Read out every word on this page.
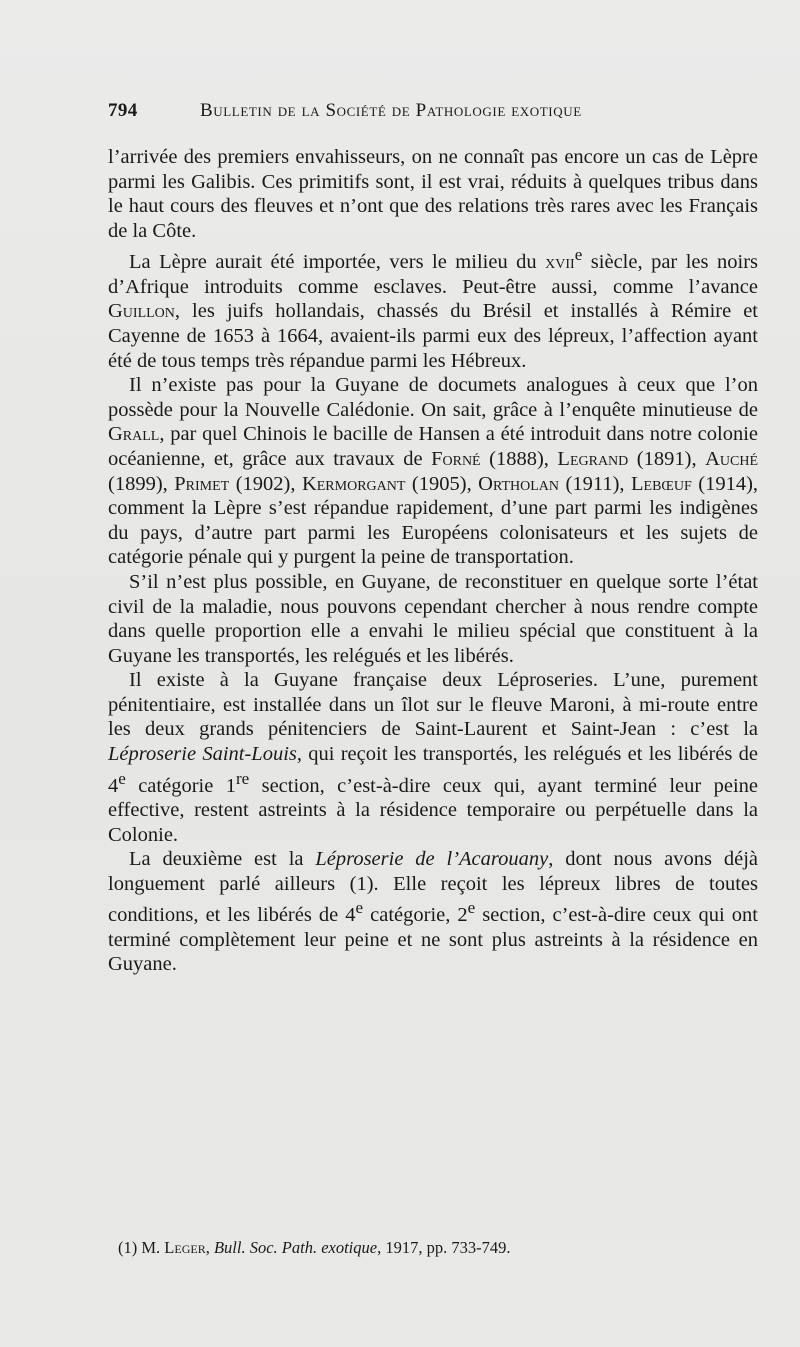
794	Bulletin de la Société de Pathologie exotique

l’arrivée des premiers envahisseurs, on ne connaît pas encore un cas de Lèpre parmi les Galibis. Ces primitifs sont, il est vrai, réduits à quelques tribus dans le haut cours des fleuves et n’ont que des relations très rares avec les Français de la Côte.

La Lèpre aurait été importée, vers le milieu du xvii$^e$ siècle, par les noirs d’Afrique introduits comme esclaves. Peut-être aussi, comme l’avance Guillon, les juifs hollandais, chassés du Brésil et installés à Rémire et Cayenne de 1653 à 1664, avaient-ils parmi eux des lépreux, l’affection ayant été de tous temps très répandue parmi les Hébreux.

Il n’existe pas pour la Guyane de documets analogues à ceux que l’on possède pour la Nouvelle Calédonie. On sait, grâce à l’enquête minutieuse de Grall, par quel Chinois le bacille de Hansen a été introduit dans notre colonie océanienne, et, grâce aux travaux de Forné (1888), Legrand (1891), Auché (1899), Primet (1902), Kermorgant (1905), Ortholan (1911), Lebœuf (1914), comment la Lèpre s’est répandue rapidement, d’une part parmi les indigènes du pays, d’autre part parmi les Européens colonisateurs et les sujets de catégorie pénale qui y purgent la peine de transportation.

S’il n’est plus possible, en Guyane, de reconstituer en quelque sorte l’état civil de la maladie, nous pouvons cependant chercher à nous rendre compte dans quelle proportion elle a envahi le milieu spécial que constituent à la Guyane les transportés, les relégués et les libérés.

Il existe à la Guyane française deux Léproseries. L’une, purement pénitentiaire, est installée dans un îlot sur le fleuve Maroni, à mi-route entre les deux grands pénitenciers de Saint-Laurent et Saint-Jean : c’est la Léproserie Saint-Louis, qui reçoit les transportés, les relégués et les libérés de 4e catégorie 1re section, c’est-à-dire ceux qui, ayant terminé leur peine effective, restent astreints à la résidence temporaire ou perpétuelle dans la Colonie.

La deuxième est la Léproserie de l’Acarouany, dont nous avons déjà longuement parlé ailleurs (1). Elle reçoit les lépreux libres de toutes conditions, et les libérés de 4e catégorie, 2e section, c’est-à-dire ceux qui ont terminé complètement leur peine et ne sont plus astreints à la résidence en Guyane.

(1) M. Leger, Bull. Soc. Path. exotique, 1917, pp. 733-749.
